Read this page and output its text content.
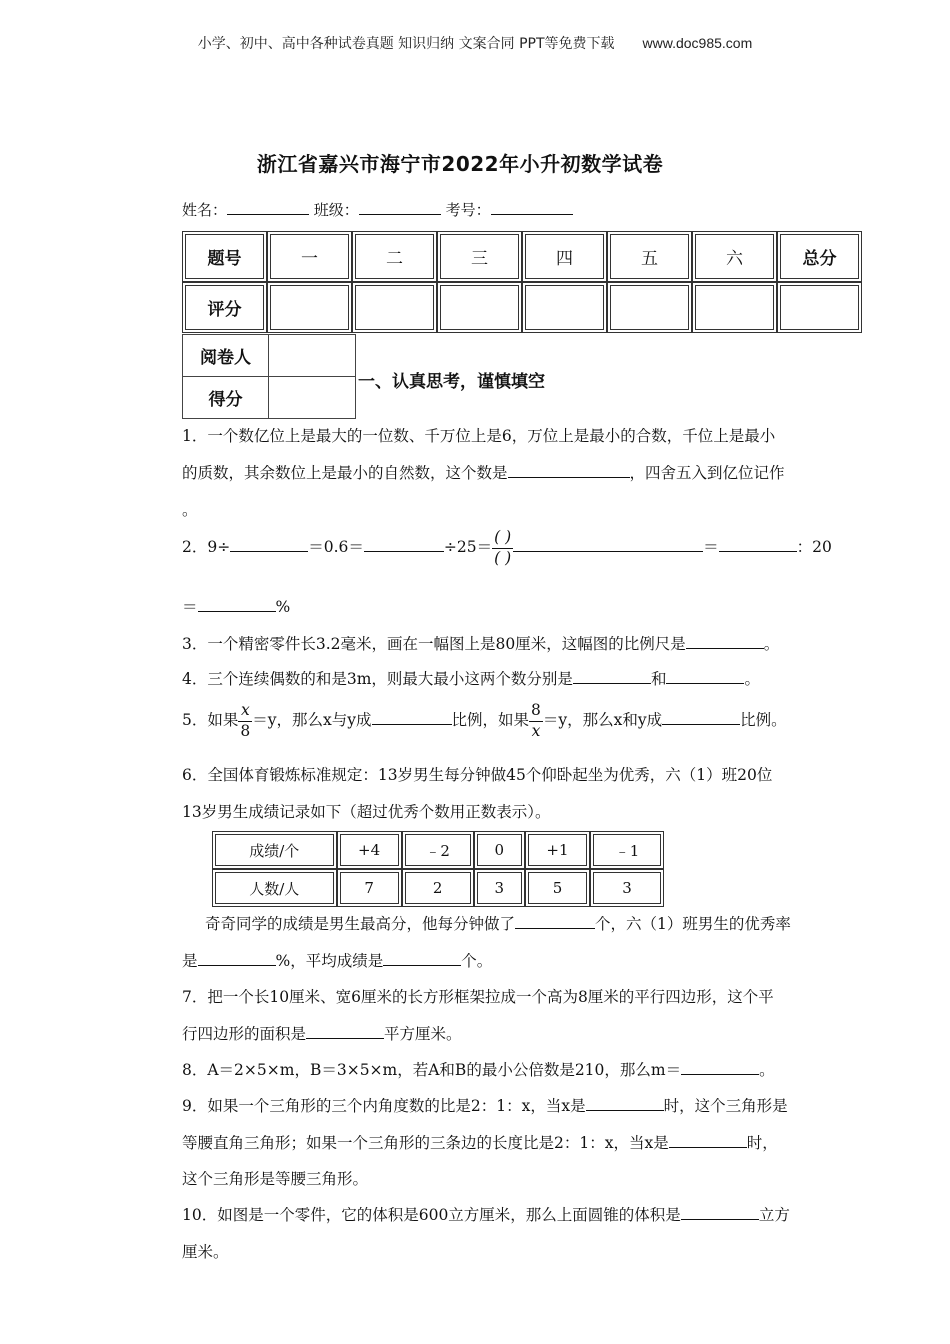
小学、初中、高中各种试卷真题 知识归纳 文案合同 PPT等免费下载 www.doc985.com
浙江省嘉兴市海宁市2022年小升初数学试卷
姓名：	班级：	考号：
题号	一	二	三	四	五	六	总分
评分							
阅卷人	
得分	
一、认真思考，谨慎填空
1．一个数亿位上是最大的一位数、千万位上是6，万位上是最小的合数，千位上是最小
的质数，其余数位上是最小的自然数，这个数是	，四舍五入到亿位记作
。
2．9÷	＝0.6＝	$\div 25= \frac{( )}{( )}$	＝	：20
＝	%
3．一个精密零件长3.2毫米，画在一幅图上是80厘米，这幅图的比例尺是	。
4．三个连续偶数的和是3m，则最大最小这两个数分别是	和	。
5．如果 $\frac{x}{8} =y$，那么x与y成	比例，如果 $\frac{8}{x} =y$，那么x和y成	比例。
6．全国体育锻炼标准规定：13岁男生每分钟做45个仰卧起坐为优秀，六（1）班20位
13岁男生成绩记录如下（超过优秀个数用正数表示）。
成绩/个	+4	﹣2	0	+1	﹣1
人数/人	7	2	3	5	3
奇奇同学的成绩是男生最高分，他每分钟做了	个，六（1）班男生的优秀率
是	%，平均成绩是	个。
7．把一个长10厘米、宽6厘米的长方形框架拉成一个高为8厘米的平行四边形，这个平
行四边形的面积是	平方厘米。
8．A＝2×5×m，B＝3×5×m，若A和B的最小公倍数是210，那么m＝	。
9．如果一个三角形的三个内角度数的比是2：1：x，当x是	时，这个三角形是
等腰直角三角形；如果一个三角形的三条边的长度比是2：1：x，当x是	时，
这个三角形是等腰三角形。
10．如图是一个零件，它的体积是600立方厘米，那么上面圆锥的体积是	立方
厘米。
